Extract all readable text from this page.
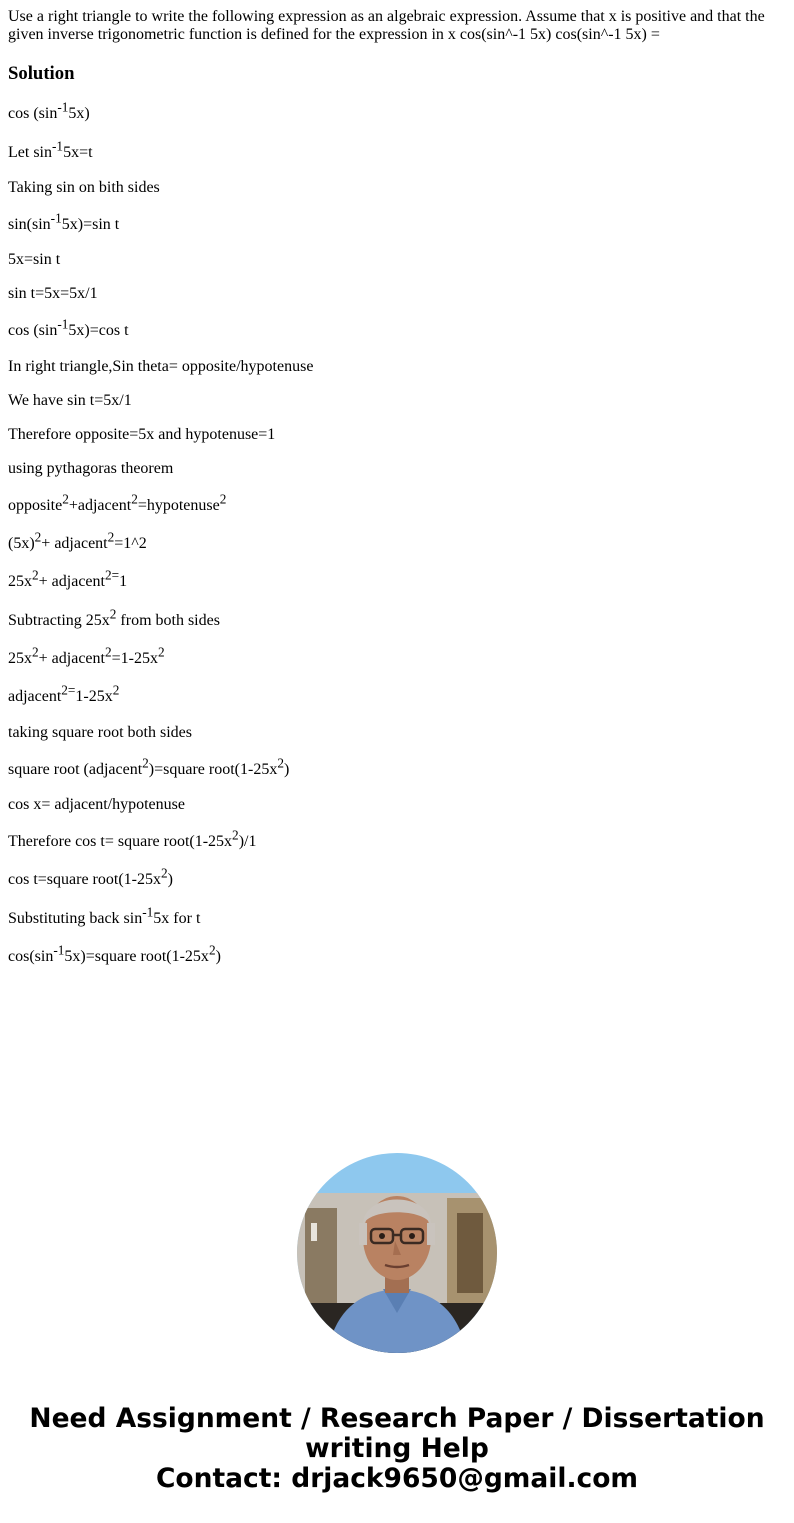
Use a right triangle to write the following expression as an algebraic expression. Assume that x is positive and that the given inverse trigonometric function is defined for the expression in x cos(sin^-1 5x) cos(sin^-1 5x) =

Solution

$\cos (\sin^{-1}5x)$

Let $\sin^{-1}5x=t$

Taking sin on bith sides

$\sin(\sin^{-1}5x)=\sin$ t

5x=sin t

sin t=5x=5x/1

$\cos (\sin^{-1}5x)=\cos$ t

In right triangle,Sin theta= opposite/hypotenuse

We have sin t=5x/1

Therefore opposite=5x and hypotenuse=1

using pythagoras theorem

opposite$^2$+adjacent$^2$=hypotenuse$^2$

$(5x)^2+$ adjacent$^2$=1^2

$25x^2+$ adjacent$^{2=}$1

Subtracting $25x^2$ from both sides

$25x^2+$ $adjacent^2=1-25x^2$

$adjacent^{2=}1-25x^2$

taking square root both sides

square root (adjacent$^2$)=square $root(1-25x^2)$

cos x= adjacent/hypotenuse

Therefore cos t= square $root(1-25x^2)/1$

cos t=square $root(1-25x^2)$

Substituting back $\sin^{-1}5x$ for t

$\cos(\sin^{-1}5x)=square$ $root(1-25x^2)$

Need Assignment / Research Paper / Dissertation
writing Help
Contact: drjack9650@gmail.com
